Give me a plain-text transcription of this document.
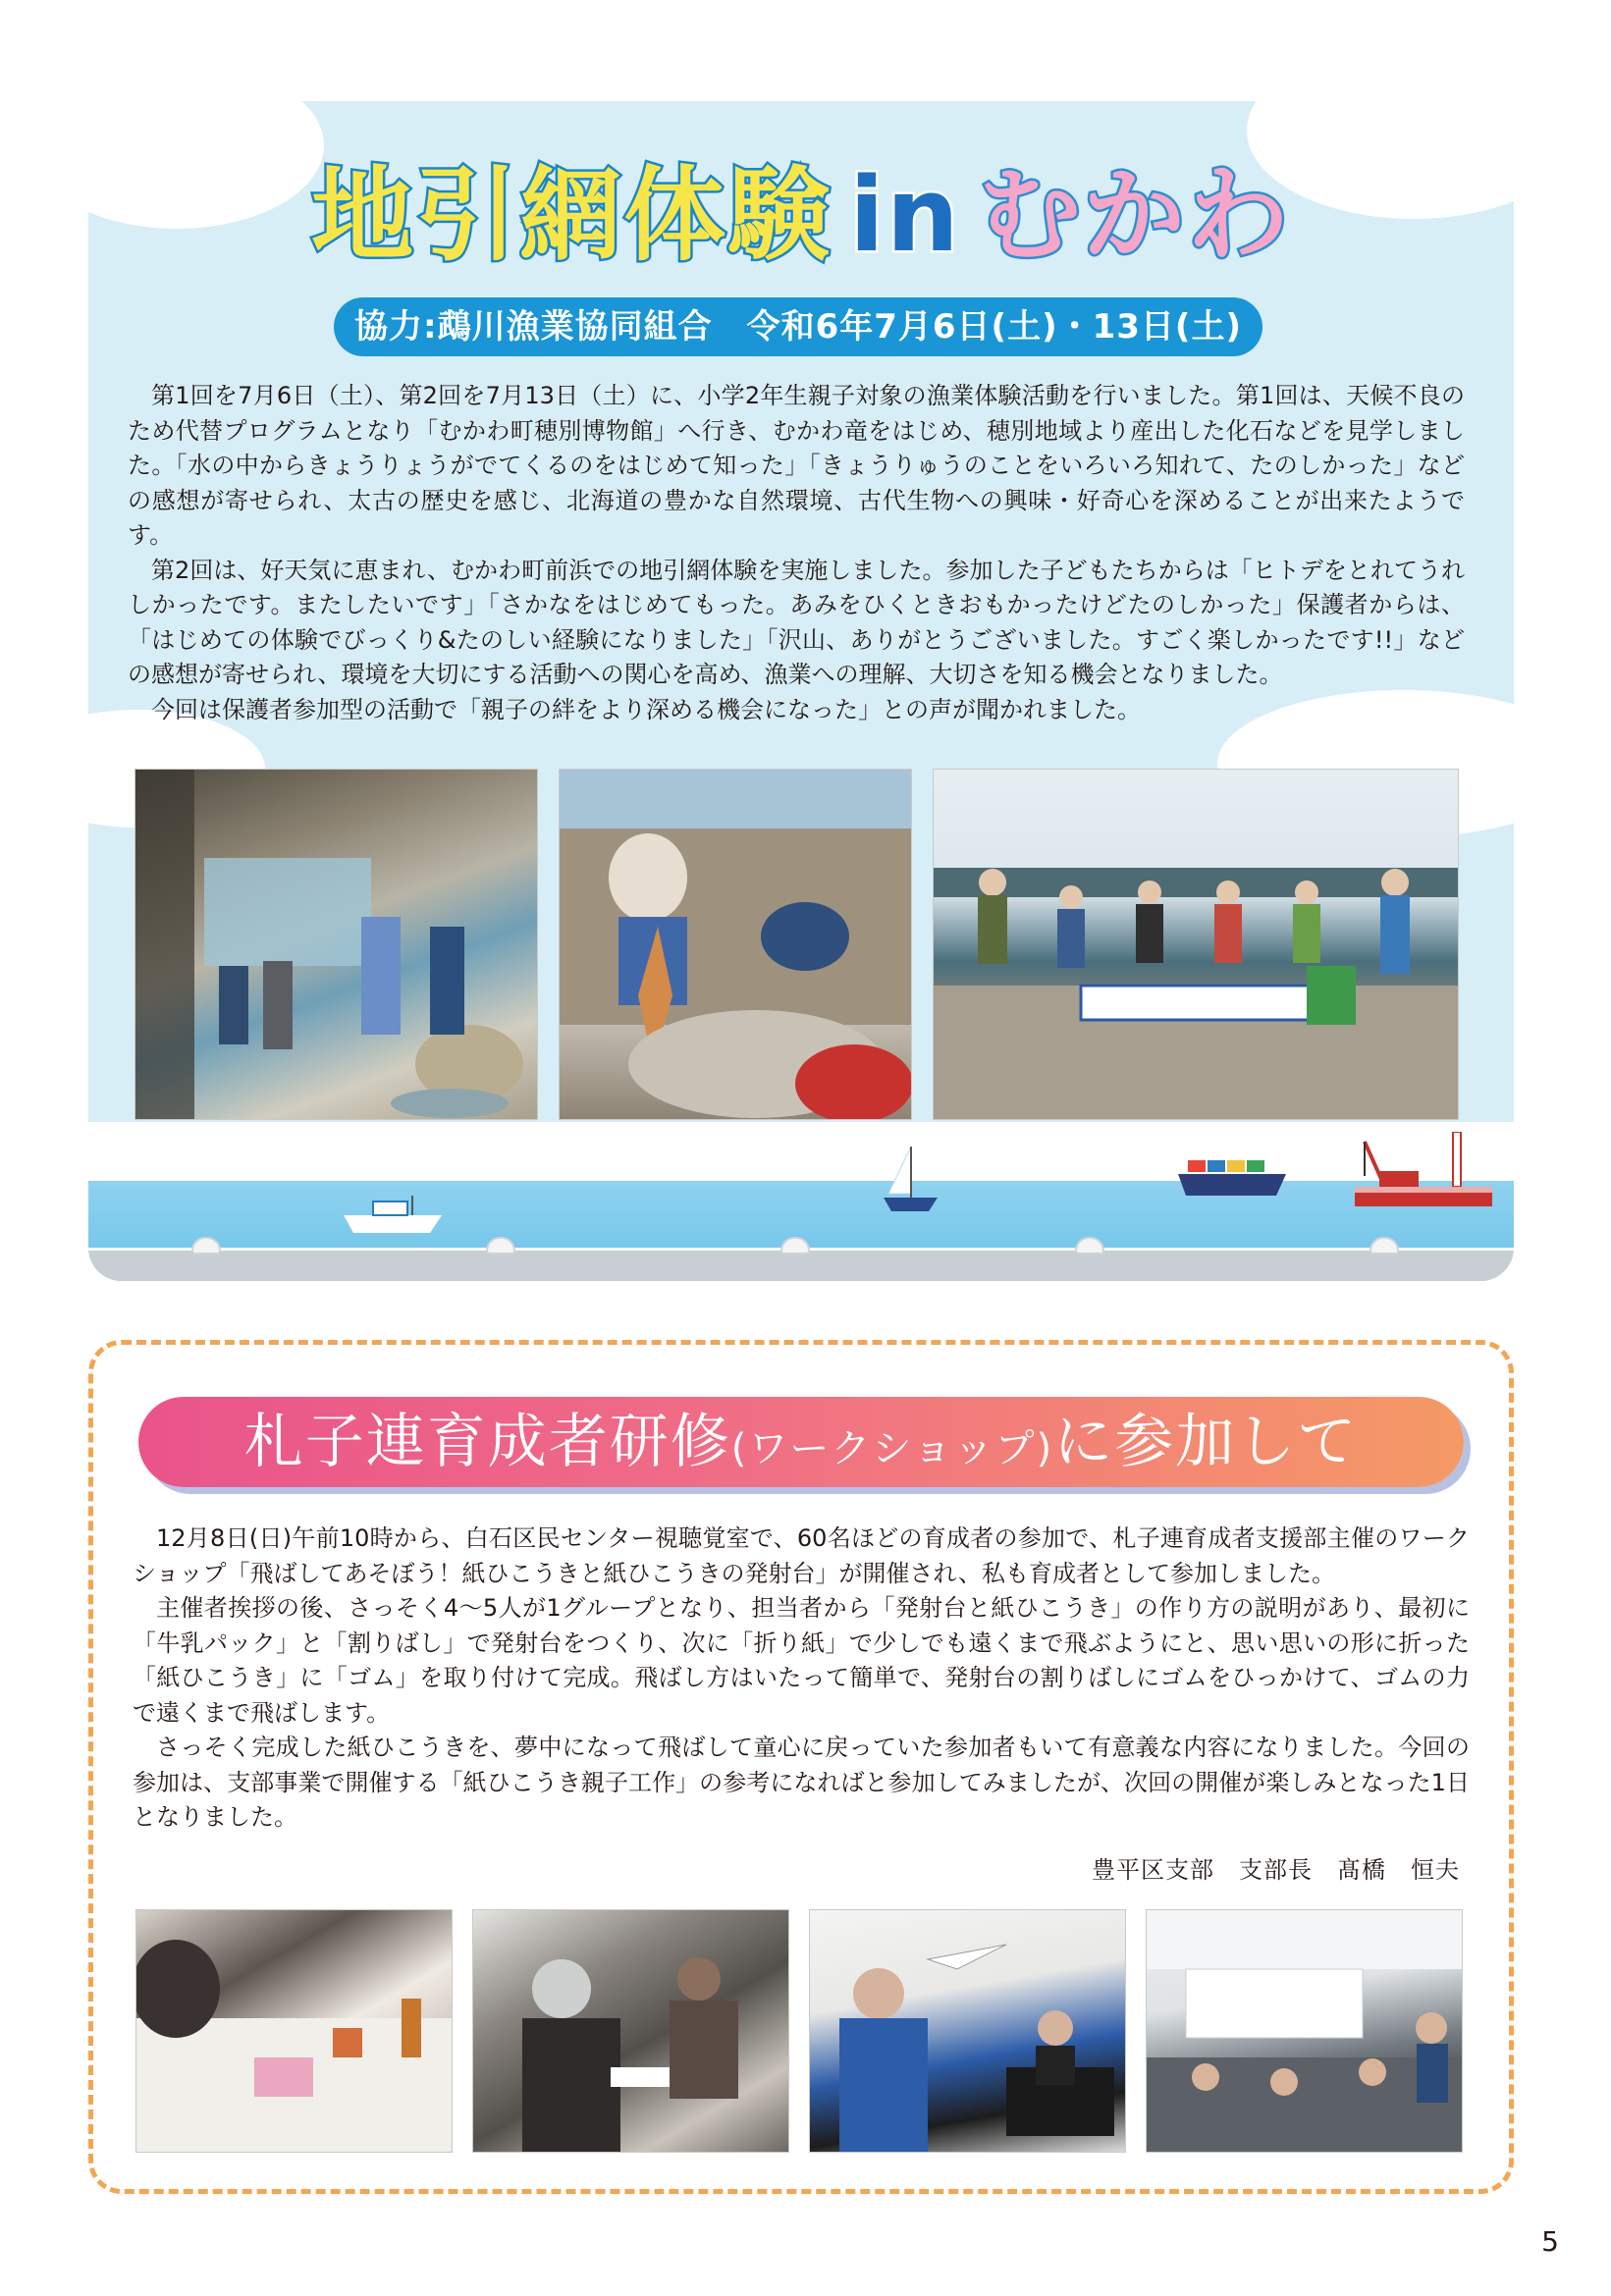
地引網体験 in むかわ
協力:鵡川漁業協同組合　令和6年7月6日(土)・13日(土)

第1回を7月6日（土）、第2回を7月13日（土）に、小学2年生親子対象の漁業体験活動を行いました。第1回は、天候不良のため代替プログラムとなり「むかわ町穂別博物館」へ行き、むかわ竜をはじめ、穂別地域より産出した化石などを見学しました。「水の中からきょうりょうがでてくるのをはじめて知った」「きょうりゅうのことをいろいろ知れて、たのしかった」などの感想が寄せられ、太古の歴史を感じ、北海道の豊かな自然環境、古代生物への興味・好奇心を深めることが出来たようです。

第2回は、好天気に恵まれ、むかわ町前浜での地引網体験を実施しました。参加した子どもたちからは「ヒトデをとれてうれしかったです。またしたいです」「さかなをはじめてもった。あみをひくときおもかったけどたのしかった」保護者からは、「はじめての体験でびっくり&たのしい経験になりました」「沢山、ありがとうございました。すごく楽しかったです!!」などの感想が寄せられ、環境を大切にする活動への関心を高め、漁業への理解、大切さを知る機会となりました。

今回は保護者参加型の活動で「親子の絆をより深める機会になった」との声が聞かれました。

札子連育成者研修(ワークショップ)に参加して

12月8日(日)午前10時から、白石区民センター視聴覚室で、60名ほどの育成者の参加で、札子連育成者支援部主催のワークショップ「飛ばしてあそぼう！紙ひこうきと紙ひこうきの発射台」が開催され、私も育成者として参加しました。

主催者挨拶の後、さっそく4〜5人が1グループとなり、担当者から「発射台と紙ひこうき」の作り方の説明があり、最初に「牛乳パック」と「割りばし」で発射台をつくり、次に「折り紙」で少しでも遠くまで飛ぶようにと、思い思いの形に折った「紙ひこうき」に「ゴム」を取り付けて完成。飛ばし方はいたって簡単で、発射台の割りばしにゴムをひっかけて、ゴムの力で遠くまで飛ばします。

さっそく完成した紙ひこうきを、夢中になって飛ばして童心に戻っていた参加者もいて有意義な内容になりました。今回の参加は、支部事業で開催する「紙ひこうき親子工作」の参考になればと参加してみましたが、次回の開催が楽しみとなった1日となりました。

豊平区支部　支部長　髙橋　恒夫
5
